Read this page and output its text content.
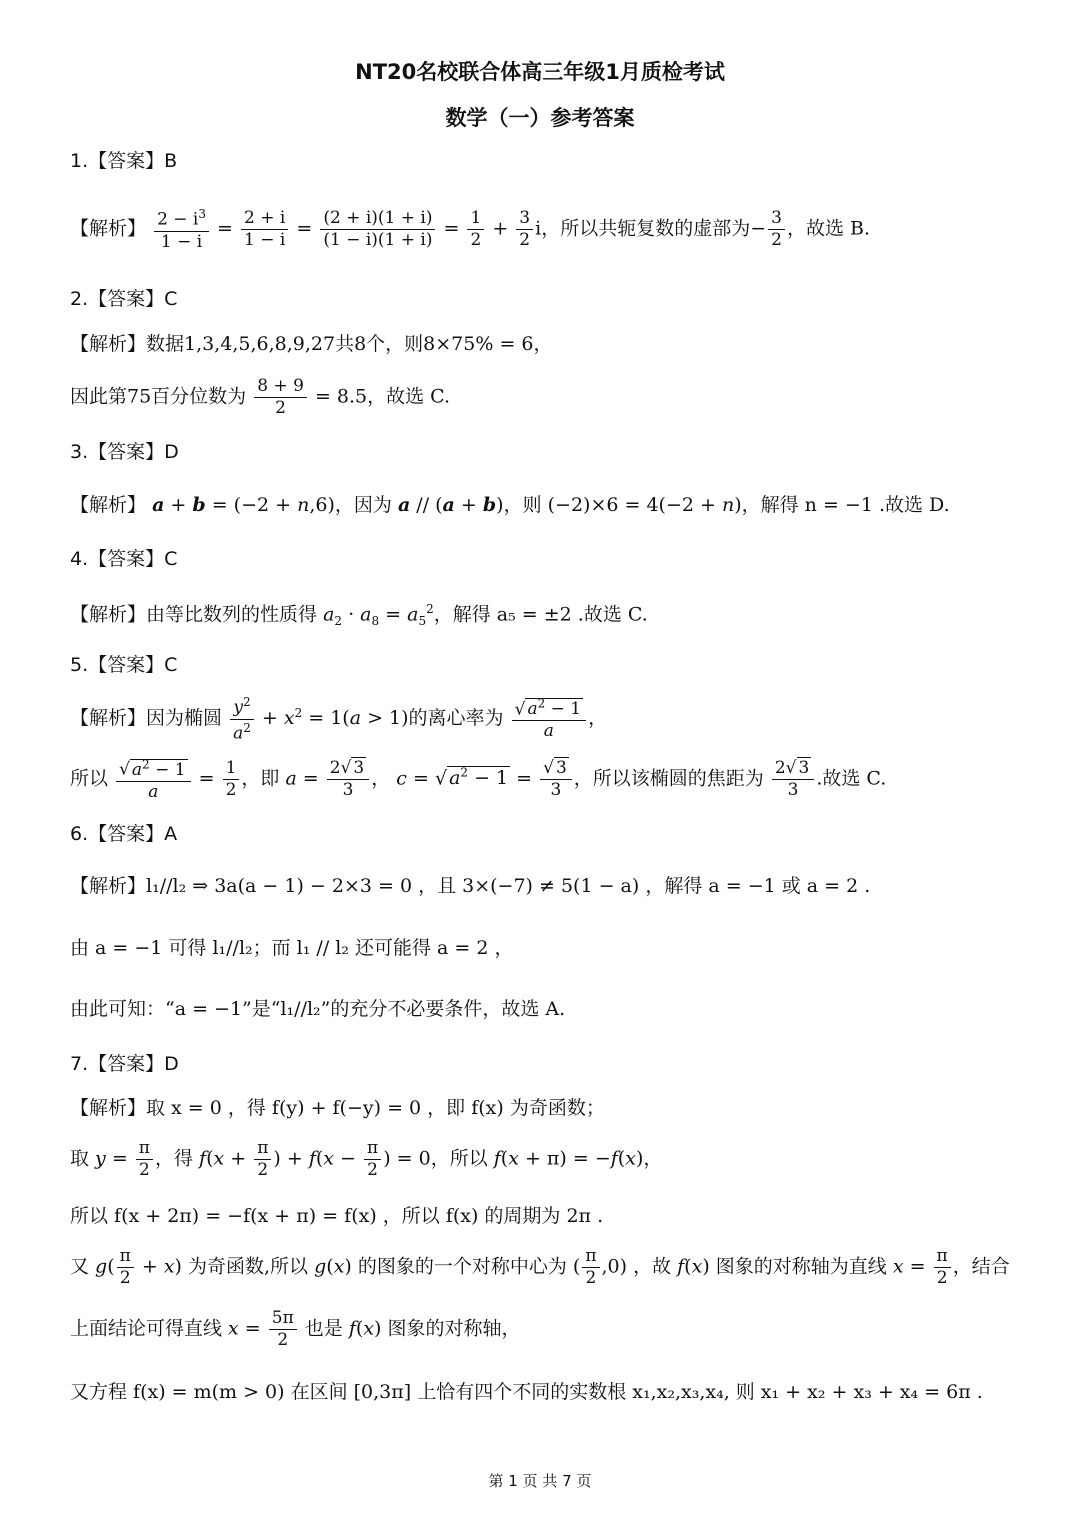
NT20名校联合体高三年级1月质检考试
数学（一）参考答案
1.【答案】B
【解析】 $\frac{2 - i^3}{1 - i} = \frac{2 + i}{1 - i} = \frac{(2 + i)(1 + i)}{(1 - i)(1 + i)} = \frac{1}{2} + \frac{3}{2}$ i，所以共轭复数的虚部为− $\frac{3}{2}$ ，故选 B.
2.【答案】C
【解析】数据1,3,4,5,6,8,9,27共8个，则8×75% = 6，
因此第75百分位数为 $\frac{8 + 9}{2} = 8.5$，故选 C.
3.【答案】D
【解析】 a + b = (−2 + n,6)，因为 a // (a + b)，则 (−2)×6 = 4(−2 + n)，解得 n = −1 .故选 D.
4.【答案】C
【解析】由等比数列的性质得 $a_2 \cdot a_8 = a_5^2$，解得 a₅ = ±2 .故选 C.
5.【答案】C
【解析】因为椭圆 $\frac{y^2}{a^2} + x^2 = 1(a > 1)$的离心率为 $\frac{√ a^2 - 1}{a}$ ，
所以 $\frac{√ a^2 - 1}{a} = \frac{1}{2}$ ，即 $a = \frac{2√ 3}{3}$ ， c = √ $a^2 - 1 = \frac{√ 3}{3}$ ，所以该椭圆的焦距为 $\frac{2√ 3}{3}$ .故选 C.
6.【答案】A
【解析】l₁//l₂ ⇒ 3a(a − 1) − 2×3 = 0 ，且 3×(−7) ≠ 5(1 − a) ，解得 a = −1 或 a = 2 .
由 a = −1 可得 l₁//l₂；而 l₁ // l₂ 还可能得 a = 2 ，
由此可知：“a = −1”是“l₁//l₂”的充分不必要条件，故选 A.
7.【答案】D
【解析】取 x = 0 ，得 f(y) + f(−y) = 0 ，即 f(x) 为奇函数；
取 $y = \frac{\pi}{2}$ ，得 $f(x + \frac{\pi}{2}$ ) + $f(x - \frac{\pi}{2}$ ) = 0，所以 f(x + π) = −f(x)，
所以 f(x + 2π) = −f(x + π) = f(x) ，所以 f(x) 的周期为 2π .
又 $g( \frac{\pi}{2} + x)$ 为奇函数,所以 g(x) 的图象的一个对称中心为 ( $\frac{\pi}{2} ,0$) ，故 f(x) 图象的对称轴为直线 $x = \frac{\pi}{2}$ ，结合
上面结论可得直线 $x = \frac{5\pi}{2}$ 也是 f(x) 图象的对称轴，
又方程 f(x) = m(m > 0) 在区间 [0,3π] 上恰有四个不同的实数根 x₁,x₂,x₃,x₄, 则 x₁ + x₂ + x₃ + x₄ = 6π .
第 1 页 共 7 页
